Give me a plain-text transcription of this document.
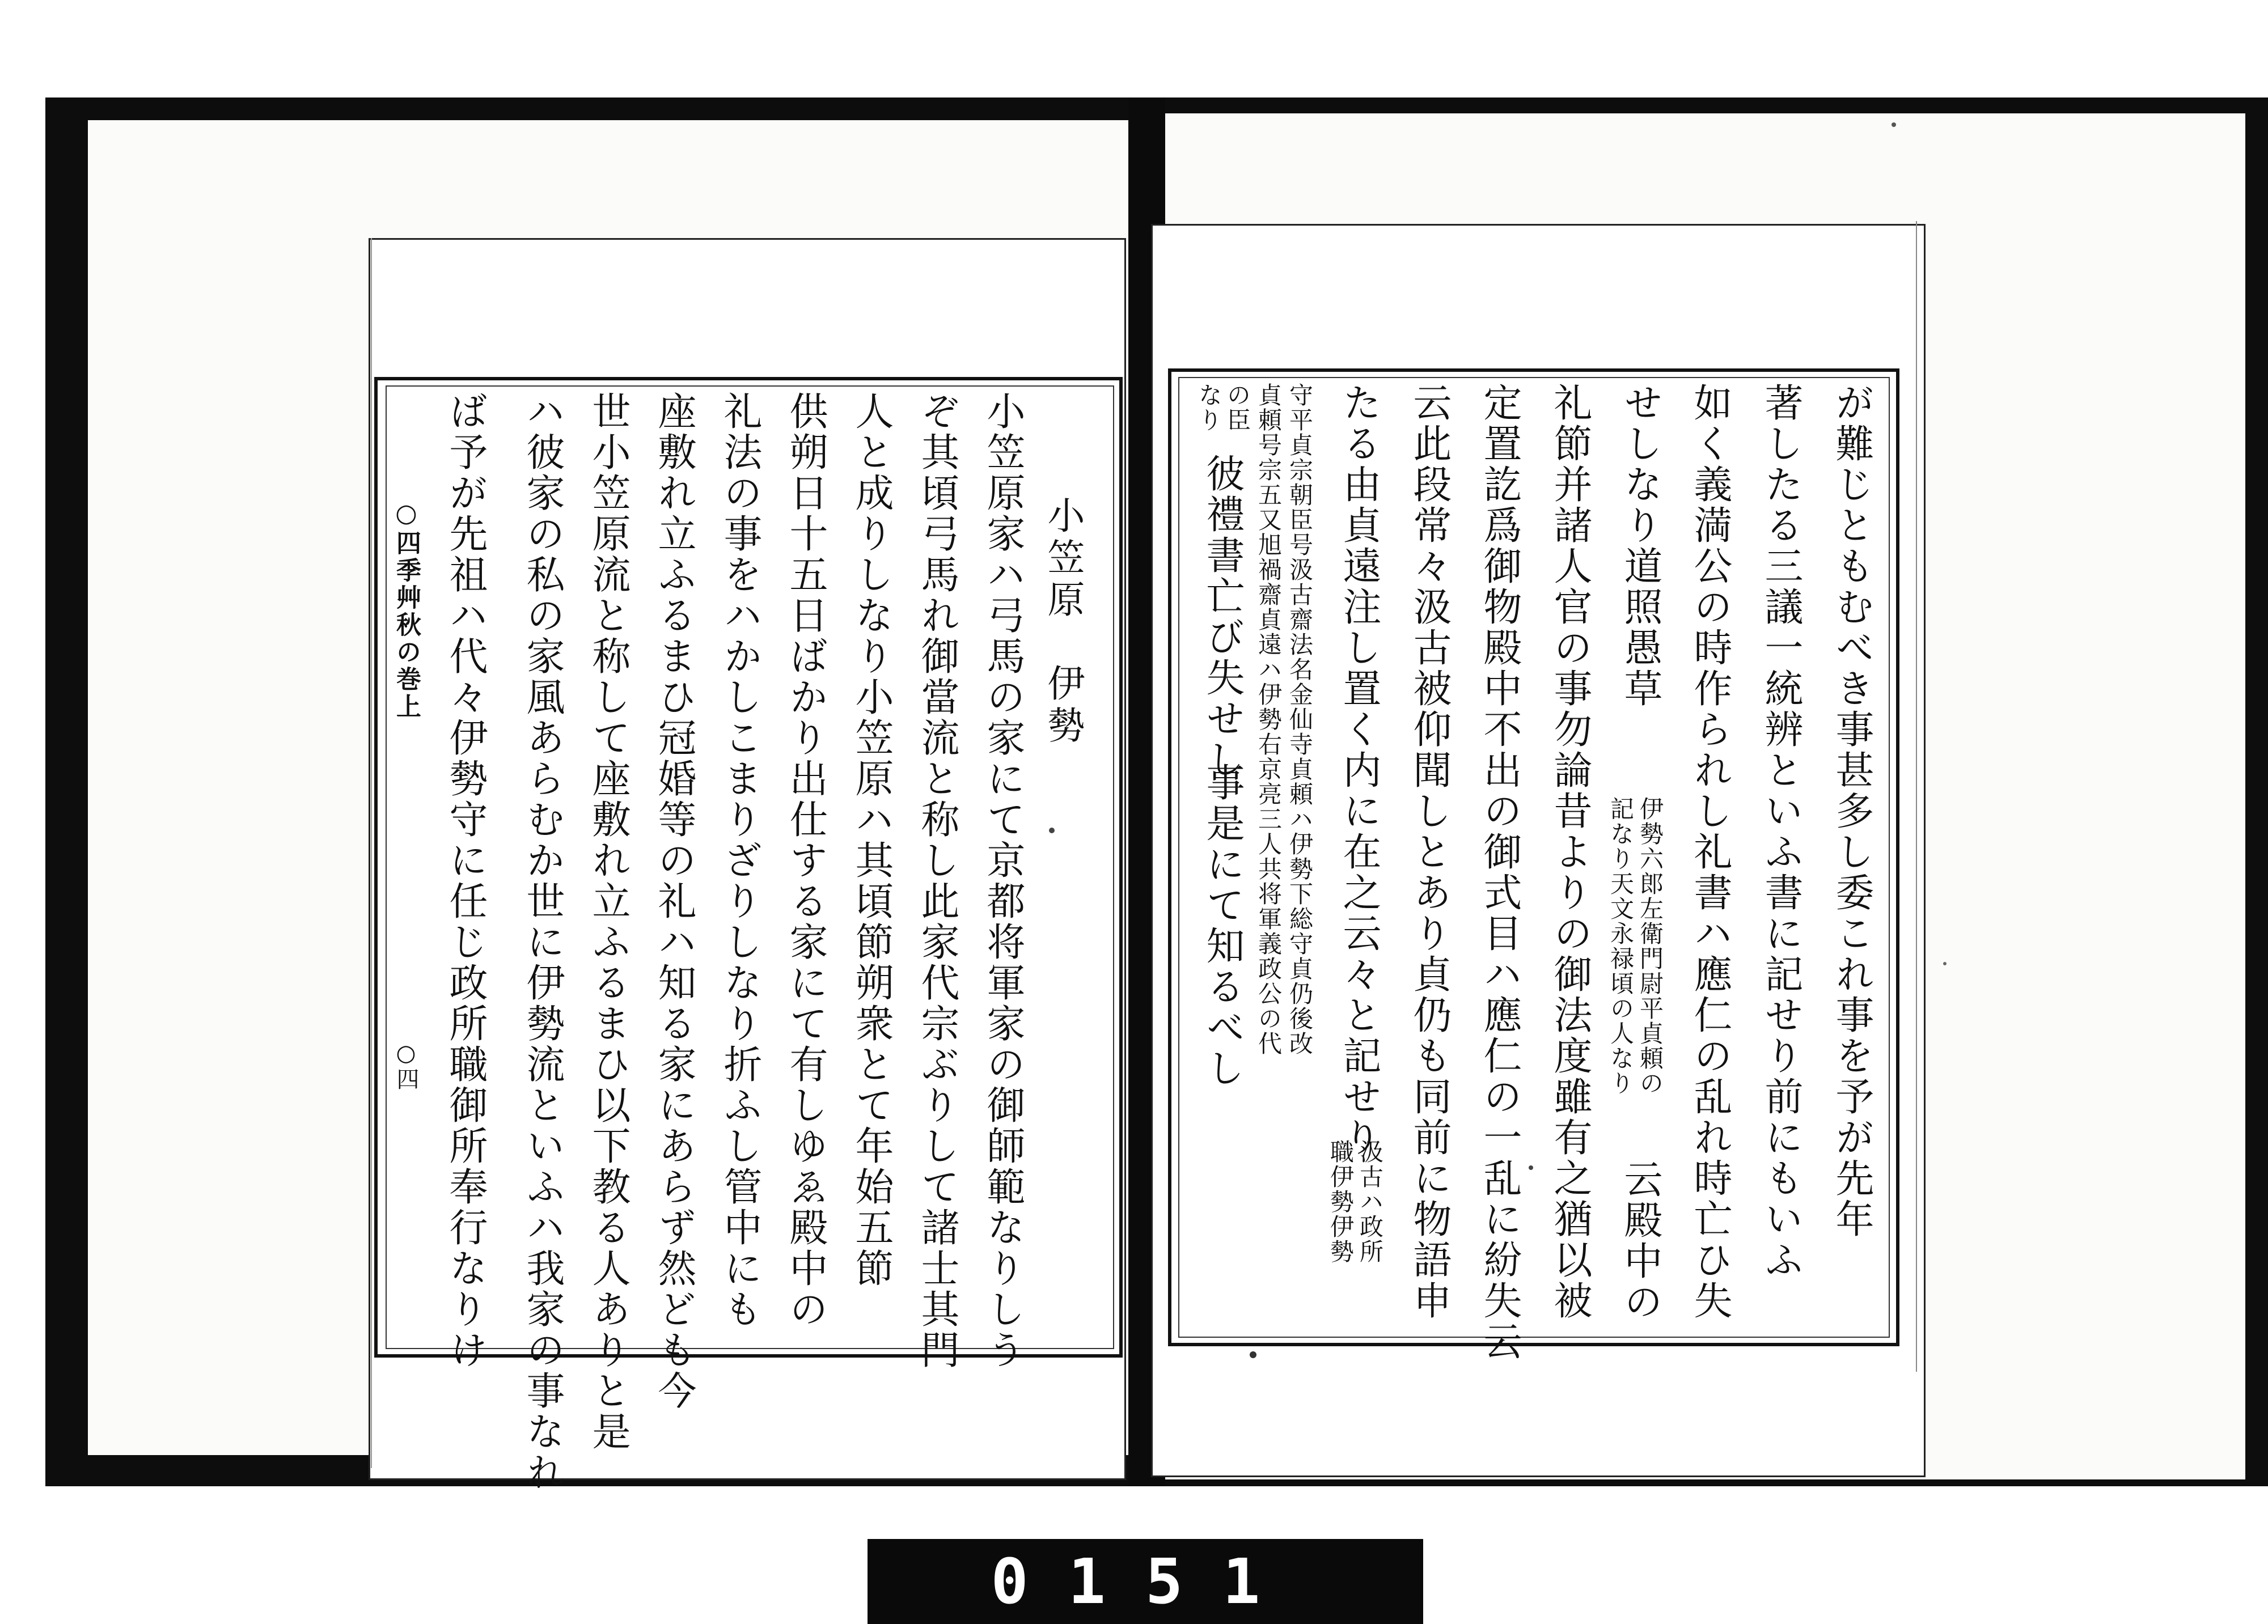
○四季艸秋の巻上
○四
小笠原　伊勢
小笠原家ハ弓馬の家にて京都将軍家の御師範なりしう
ぞ其頃弓馬れ御當流と称し此家代宗ぶりして諸士其門
人と成りしなり小笠原ハ其頃節朔衆とて年始五節
供朔日十五日ばかり出仕する家にて有しゆゑ殿中の
礼法の事をハかしこまりざりしなり折ふし管中にも
座敷れ立ふるまひ冠婚等の礼ハ知る家にあらず然ども今
世小笠原流と称して座敷れ立ふるまひ以下教る人ありと是
ハ彼家の私の家風あらむか世に伊勢流といふハ我家の事なれ
ば予が先祖ハ代々伊勢守に任じ政所職御所奉行なりけ	が難じともむべき事甚多し委これ事を予が先年
著したる三議一統辨といふ書に記せり前にもいふ
如く義満公の時作られし礼書ハ應仁の乱れ時亡ひ失
せしなり道照愚草
伊勢六郎左衛門尉平貞頼の
記なり天文永禄頃の人なり
云殿中の
礼節并諸人官の事勿論昔よりの御法度雖有之猶以被
定置訖爲御物殿中不出の御式目ハ應仁の一乱に紛失云
云此段常々汲古被仰聞しとあり貞仍も同前に物語申
たる由貞遠注し置く内に在之云々と記せり
汲古ハ政所
職伊勢伊勢
守平貞宗朝臣号汲古齋法名金仙寺貞頼ハ伊勢下総守貞仍後改
貞頼号宗五又旭禍齋貞遠ハ伊勢右京亮三人共将軍義政公の代
の臣
なり
彼禮書亡び失せし
事是にて知るべし
0151
